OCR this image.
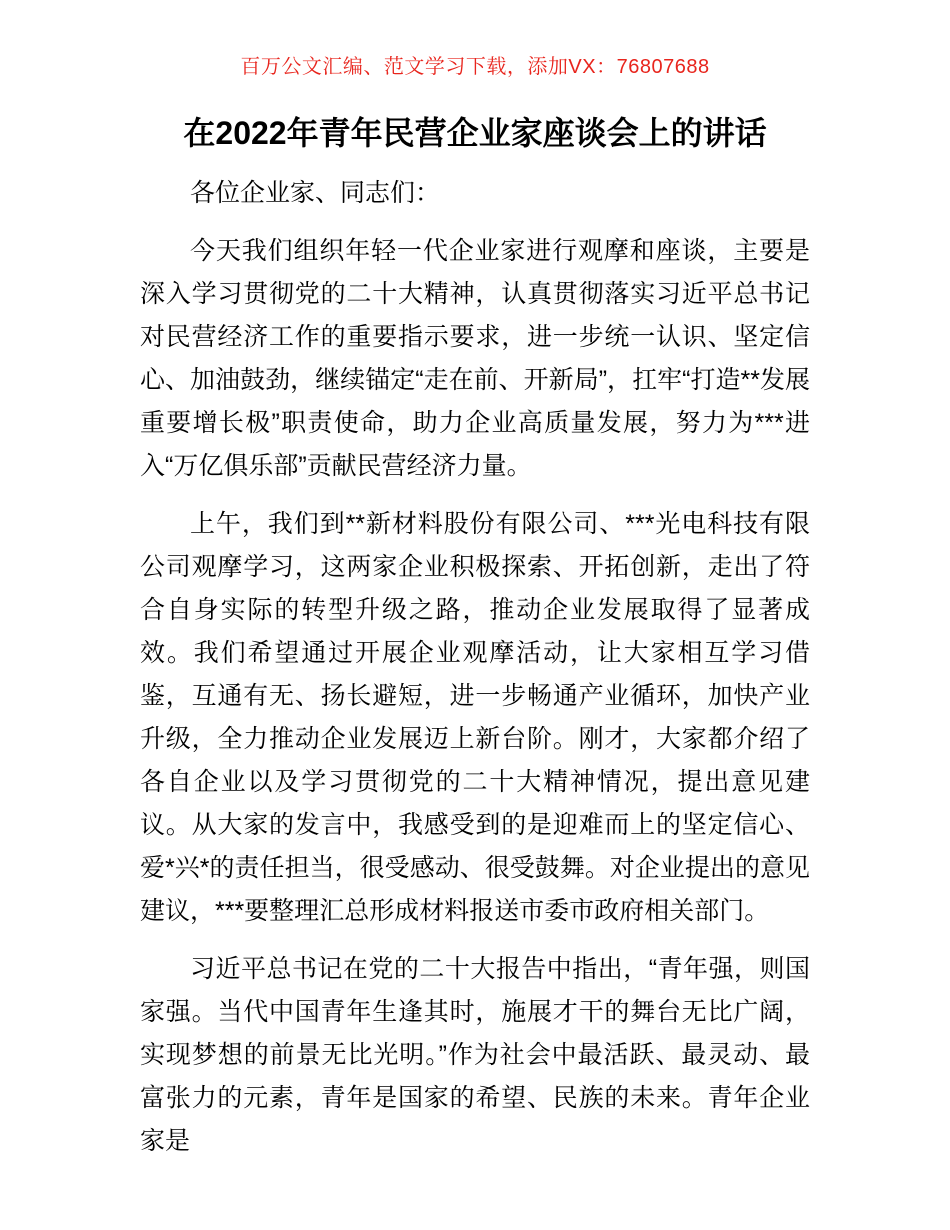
百万公文汇编、范文学习下载，添加VX：76807688
在2022年青年民营企业家座谈会上的讲话

各位企业家、同志们：

今天我们组织年轻一代企业家进行观摩和座谈，主要是深入学习贯彻党的二十大精神，认真贯彻落实习近平总书记对民营经济工作的重要指示要求，进一步统一认识、坚定信心、加油鼓劲，继续锚定“走在前、开新局”，扛牢“打造**发展重要增长极”职责使命，助力企业高质量发展，努力为***进入“万亿俱乐部”贡献民营经济力量。

上午，我们到**新材料股份有限公司、***光电科技有限公司观摩学习，这两家企业积极探索、开拓创新，走出了符合自身实际的转型升级之路，推动企业发展取得了显著成效。我们希望通过开展企业观摩活动，让大家相互学习借鉴，互通有无、扬长避短，进一步畅通产业循环，加快产业升级，全力推动企业发展迈上新台阶。刚才，大家都介绍了各自企业以及学习贯彻党的二十大精神情况，提出意见建议。从大家的发言中，我感受到的是迎难而上的坚定信心、爱*兴*的责任担当，很受感动、很受鼓舞。对企业提出的意见建议，***要整理汇总形成材料报送市委市政府相关部门。

习近平总书记在党的二十大报告中指出，“青年强，则国家强。当代中国青年生逢其时，施展才干的舞台无比广阔，实现梦想的前景无比光明。”作为社会中最活跃、最灵动、最富张力的元素，青年是国家的希望、民族的未来。青年企业家是
